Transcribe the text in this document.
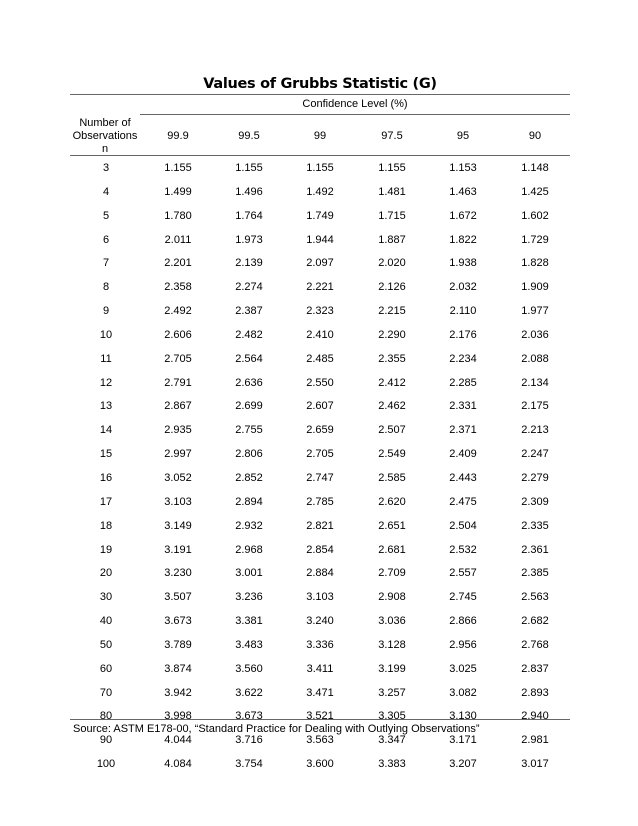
Values of Grubbs Statistic (G)
Confidence Level (%)
Number of
Observations
n
99.9	99.5	99	97.5	95	90
3	1.155	1.155	1.155	1.155	1.153	1.148
4	1.499	1.496	1.492	1.481	1.463	1.425
5	1.780	1.764	1.749	1.715	1.672	1.602
6	2.011	1.973	1.944	1.887	1.822	1.729
7	2.201	2.139	2.097	2.020	1.938	1.828
8	2.358	2.274	2.221	2.126	2.032	1.909
9	2.492	2.387	2.323	2.215	2.110	1.977
10	2.606	2.482	2.410	2.290	2.176	2.036
11	2.705	2.564	2.485	2.355	2.234	2.088
12	2.791	2.636	2.550	2.412	2.285	2.134
13	2.867	2.699	2.607	2.462	2.331	2.175
14	2.935	2.755	2.659	2.507	2.371	2.213
15	2.997	2.806	2.705	2.549	2.409	2.247
16	3.052	2.852	2.747	2.585	2.443	2.279
17	3.103	2.894	2.785	2.620	2.475	2.309
18	3.149	2.932	2.821	2.651	2.504	2.335
19	3.191	2.968	2.854	2.681	2.532	2.361
20	3.230	3.001	2.884	2.709	2.557	2.385
30	3.507	3.236	3.103	2.908	2.745	2.563
40	3.673	3.381	3.240	3.036	2.866	2.682
50	3.789	3.483	3.336	3.128	2.956	2.768
60	3.874	3.560	3.411	3.199	3.025	2.837
70	3.942	3.622	3.471	3.257	3.082	2.893
80	3.998	3.673	3.521	3.305	3.130	2.940
90	4.044	3.716	3.563	3.347	3.171	2.981
100	4.084	3.754	3.600	3.383	3.207	3.017
Source: ASTM E178-00, “Standard Practice for Dealing with Outlying Observations”
